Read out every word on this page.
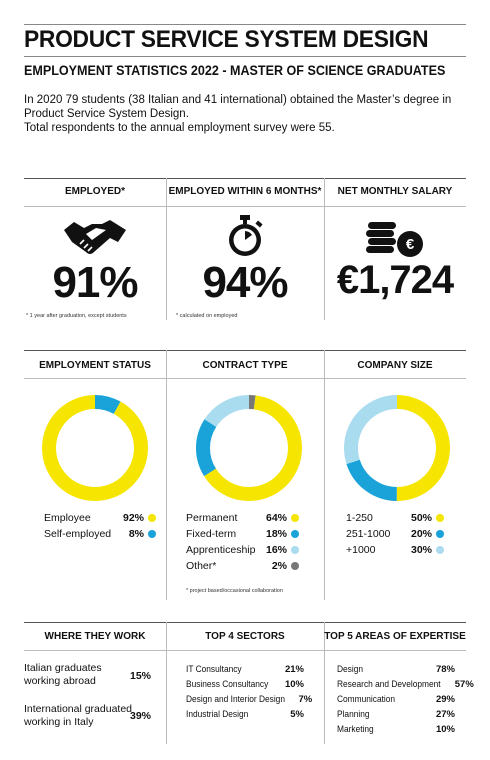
PRODUCT SERVICE SYSTEM DESIGN
EMPLOYMENT STATISTICS 2022 - MASTER OF SCIENCE GRADUATES
In 2020 79 students (38 Italian and 41 international) obtained the Master’s degree in Product Service System Design.
Total respondents to the annual employment survey were 55.
EMPLOYED*	EMPLOYED WITHIN 6 MONTHS*	NET MONTHLY SALARY
€
91%	94%	€1,724
* 1 year after graduation, except students	* calculated on employed
EMPLOYMENT STATUS	CONTRACT TYPE	COMPANY SIZE
Employee	92%
Self-employed	8%
Permanent	64%
Fixed-term	18%
Apprenticeship	16%
Other*	2%
* project based/occasional collaboration
1-250	50%
251-1000	20%
+1000	30%
WHERE THEY WORK	TOP 4 SECTORS	TOP 5 AREAS OF EXPERTISE
Italian graduates
working abroad	15%
International graduated
working in Italy	39%
IT Consultancy	21%
Business Consultancy	10%
Design and Interior Design 7%
Industrial Design	5%
Design	78%
Research and Development 57%
Communication	29%
Planning	27%
Marketing	10%
